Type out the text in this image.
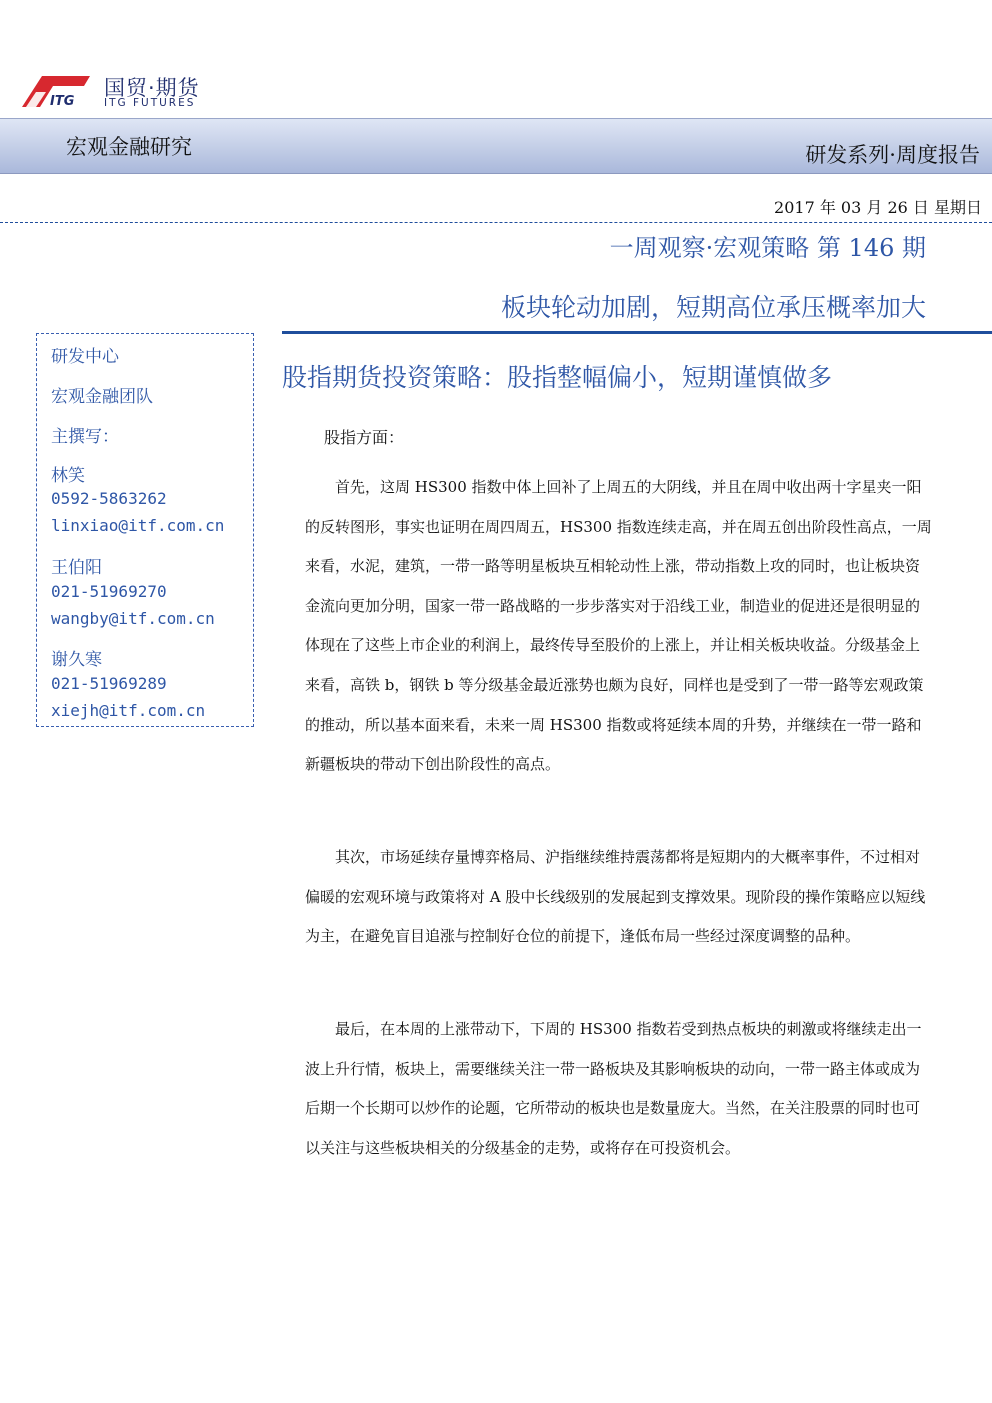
ITG
国贸·期货
ITG FUTURES
宏观金融研究	研发系列·周度报告
2017 年 03 月 26 日 星期日
一周观察·宏观策略 第 146 期
板块轮动加剧，短期高位承压概率加大
研发中心
宏观金融团队
主撰写：
林笑
0592-5863262
linxiao@itf.com.cn
王伯阳
021-51969270
wangby@itf.com.cn
谢久寒
021-51969289
xiejh@itf.com.cn
股指期货投资策略：股指整幅偏小，短期谨慎做多
股指方面：

首先，这周 HS300 指数中体上回补了上周五的大阴线，并且在周中收出两十字星夹一阳的反转图形，事实也证明在周四周五，HS300 指数连续走高，并在周五创出阶段性高点，一周来看，水泥，建筑，一带一路等明星板块互相轮动性上涨，带动指数上攻的同时，也让板块资金流向更加分明，国家一带一路战略的一步步落实对于沿线工业，制造业的促进还是很明显的体现在了这些上市企业的利润上，最终传导至股价的上涨上，并让相关板块收益。分级基金上来看，高铁 b，钢铁 b 等分级基金最近涨势也颇为良好，同样也是受到了一带一路等宏观政策的推动，所以基本面来看，未来一周 HS300 指数或将延续本周的升势，并继续在一带一路和新疆板块的带动下创出阶段性的高点。

其次，市场延续存量博弈格局、沪指继续维持震荡都将是短期内的大概率事件，不过相对偏暖的宏观环境与政策将对 A 股中长线级别的发展起到支撑效果。现阶段的操作策略应以短线为主，在避免盲目追涨与控制好仓位的前提下，逢低布局一些经过深度调整的品种。

最后，在本周的上涨带动下，下周的 HS300 指数若受到热点板块的刺激或将继续走出一波上升行情，板块上，需要继续关注一带一路板块及其影响板块的动向，一带一路主体或成为后期一个长期可以炒作的论题，它所带动的板块也是数量庞大。当然，在关注股票的同时也可以关注与这些板块相关的分级基金的走势，或将存在可投资机会。
